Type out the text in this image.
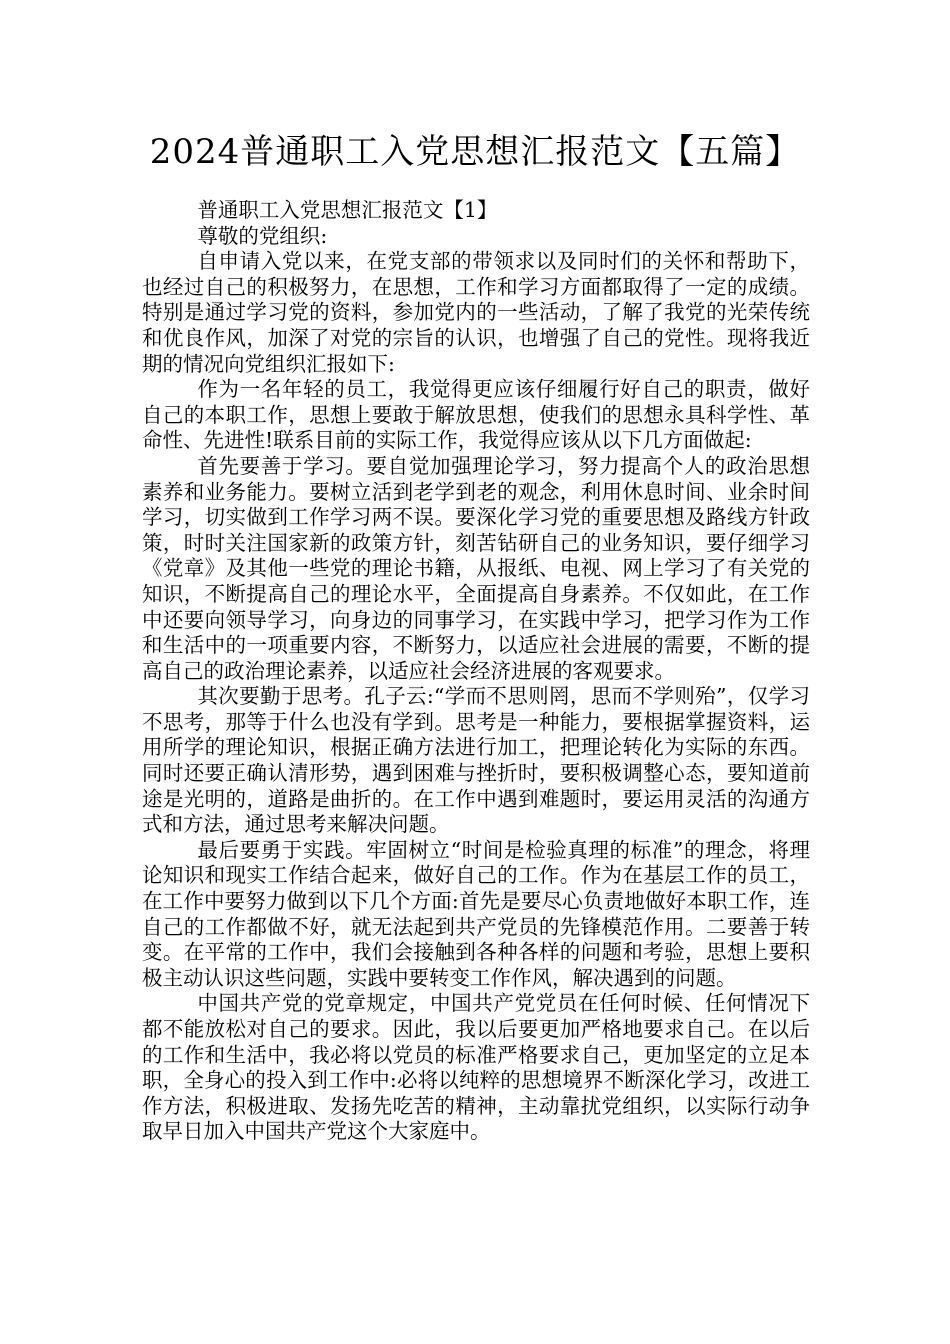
2024普通职工入党思想汇报范文【五篇】

普通职工入党思想汇报范文【1】

尊敬的党组织:

自申请入党以来，在党支部的带领求以及同时们的关怀和帮助下，也经过自己的积极努力，在思想，工作和学习方面都取得了一定的成绩。特别是通过学习党的资料，参加党内的一些活动，了解了我党的光荣传统和优良作风，加深了对党的宗旨的认识，也增强了自己的党性。现将我近期的情况向党组织汇报如下:

作为一名年轻的员工，我觉得更应该仔细履行好自己的职责，做好自己的本职工作，思想上要敢于解放思想，使我们的思想永具科学性、革命性、先进性!联系目前的实际工作，我觉得应该从以下几方面做起:

首先要善于学习。要自觉加强理论学习，努力提高个人的政治思想素养和业务能力。要树立活到老学到老的观念，利用休息时间、业余时间学习，切实做到工作学习两不误。要深化学习党的重要思想及路线方针政策，时时关注国家新的政策方针，刻苦钻研自己的业务知识，要仔细学习《党章》及其他一些党的理论书籍，从报纸、电视、网上学习了有关党的知识，不断提高自己的理论水平，全面提高自身素养。不仅如此，在工作中还要向领导学习，向身边的同事学习，在实践中学习，把学习作为工作和生活中的一项重要内容，不断努力，以适应社会进展的需要，不断的提高自己的政治理论素养，以适应社会经济进展的客观要求。

其次要勤于思考。孔子云:“学而不思则罔，思而不学则殆”，仅学习不思考，那等于什么也没有学到。思考是一种能力，要根据掌握资料，运用所学的理论知识，根据正确方法进行加工，把理论转化为实际的东西。同时还要正确认清形势，遇到困难与挫折时，要积极调整心态，要知道前途是光明的，道路是曲折的。在工作中遇到难题时，要运用灵活的沟通方式和方法，通过思考来解决问题。

最后要勇于实践。牢固树立“时间是检验真理的标准”的理念，将理论知识和现实工作结合起来，做好自己的工作。作为在基层工作的员工，在工作中要努力做到以下几个方面:首先是要尽心负责地做好本职工作，连自己的工作都做不好，就无法起到共产党员的先锋模范作用。二要善于转变。在平常的工作中，我们会接触到各种各样的问题和考验，思想上要积极主动认识这些问题，实践中要转变工作作风，解决遇到的问题。

中国共产党的党章规定，中国共产党党员在任何时候、任何情况下都不能放松对自己的要求。因此，我以后要更加严格地要求自己。在以后的工作和生活中，我必将以党员的标准严格要求自己，更加坚定的立足本职，全身心的投入到工作中:必将以纯粹的思想境界不断深化学习，改进工作方法，积极进取、发扬先吃苦的精神，主动靠扰党组织，以实际行动争取早日加入中国共产党这个大家庭中。
